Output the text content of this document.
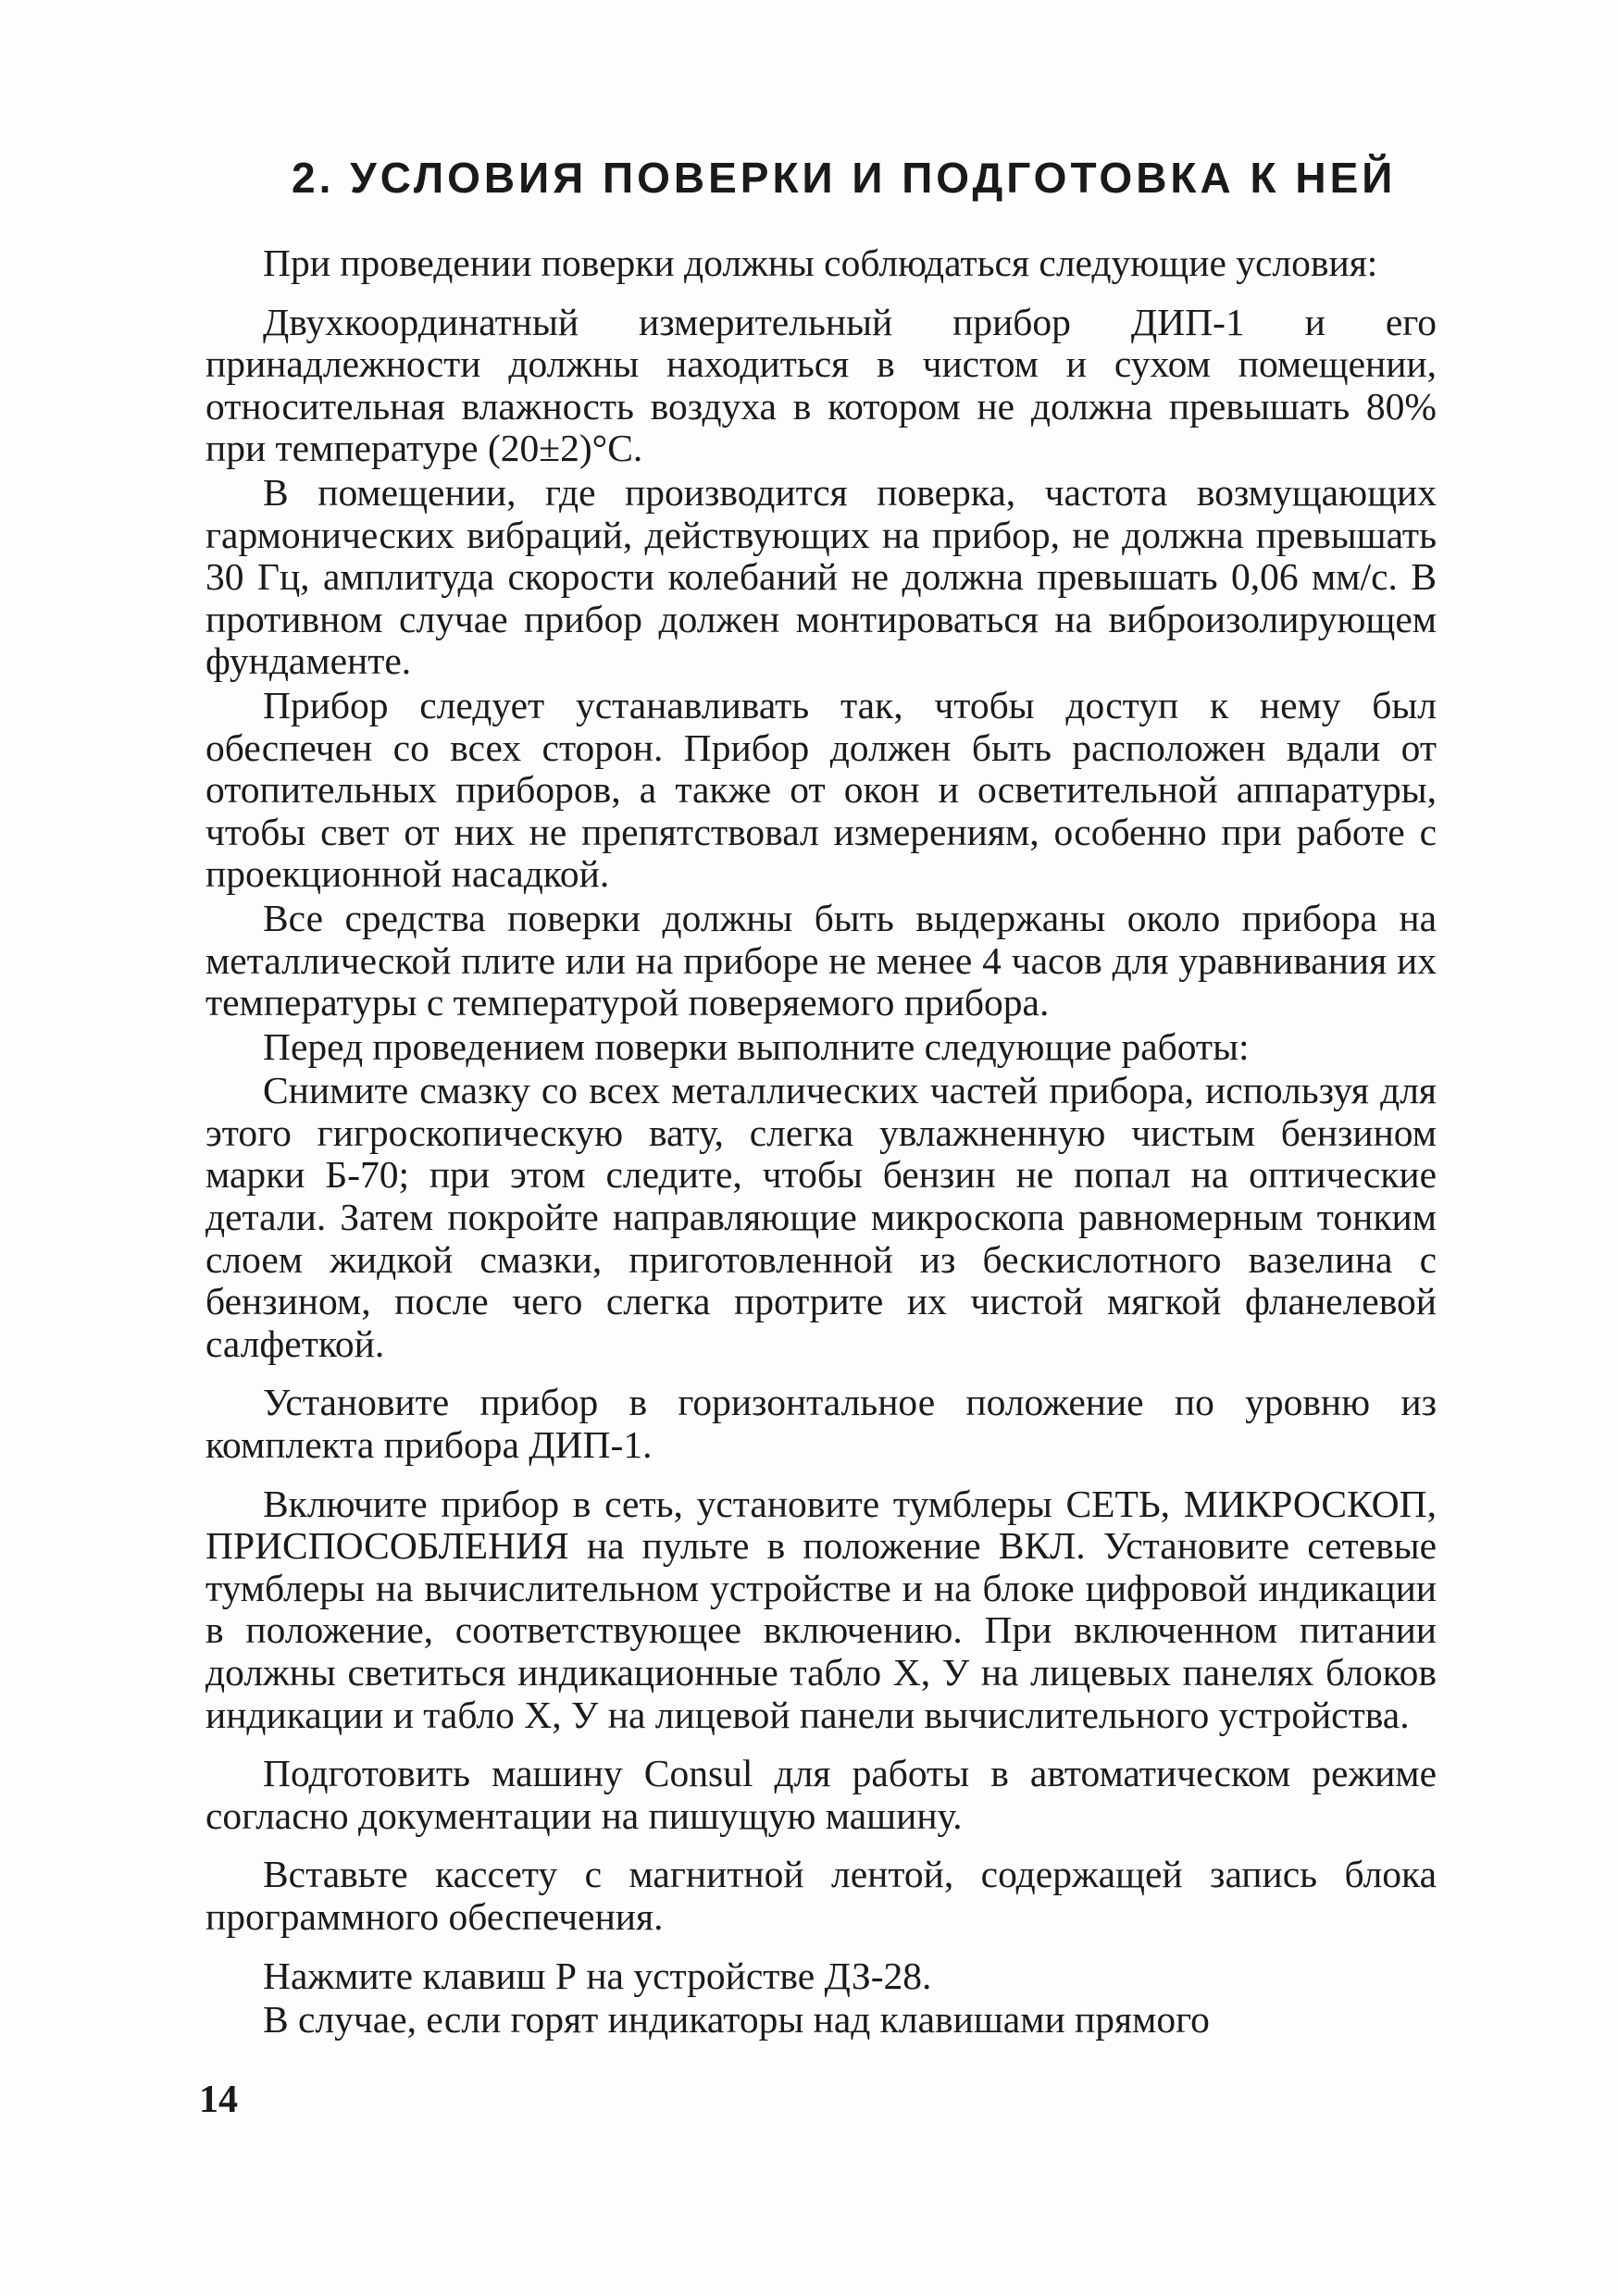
2. УСЛОВИЯ ПОВЕРКИ И ПОДГОТОВКА К НЕЙ

При проведении поверки должны соблюдаться следующие условия:

Двухкоординатный измерительный прибор ДИП-1 и его принадлежности должны находиться в чистом и сухом помещении, относительная влажность воздуха в котором не должна превышать 80% при температуре (20±2)°С.

В помещении, где производится поверка, частота возмущающих гармонических вибраций, действующих на прибор, не должна превышать 30 Гц, амплитуда скорости колебаний не должна превышать 0,06 мм/с. В противном случае прибор должен монтироваться на виброизолирующем фундаменте.

Прибор следует устанавливать так, чтобы доступ к нему был обеспечен со всех сторон. Прибор должен быть расположен вдали от отопительных приборов, а также от окон и осветительной аппаратуры, чтобы свет от них не препятствовал измерениям, особенно при работе с проекционной насадкой.

Все средства поверки должны быть выдержаны около прибора на металлической плите или на приборе не менее 4 часов для уравнивания их температуры с температурой поверяемого прибора.

Перед проведением поверки выполните следующие работы:

Снимите смазку со всех металлических частей прибора, используя для этого гигроскопическую вату, слегка увлажненную чистым бензином марки Б-70; при этом следите, чтобы бензин не попал на оптические детали. Затем покройте направляющие микроскопа равномерным тонким слоем жидкой смазки, приготовленной из бескислотного вазелина с бензином, после чего слегка протрите их чистой мягкой фланелевой салфеткой.

Установите прибор в горизонтальное положение по уровню из комплекта прибора ДИП-1.

Включите прибор в сеть, установите тумблеры СЕТЬ, МИКРОСКОП, ПРИСПОСОБЛЕНИЯ на пульте в положение ВКЛ. Установите сетевые тумблеры на вычислительном устройстве и на блоке цифровой индикации в положение, соответствующее включению. При включенном питании должны светиться индикационные табло X, У на лицевых панелях блоков индикации и табло X, У на лицевой панели вычислительного устройства.

Подготовить машину Consul для работы в автоматическом режиме согласно документации на пишущую машину.

Вставьте кассету с магнитной лентой, содержащей запись блока программного обеспечения.

Нажмите клавиш Р на устройстве ДЗ-28.

В случае, если горят индикаторы над клавишами прямого

14
